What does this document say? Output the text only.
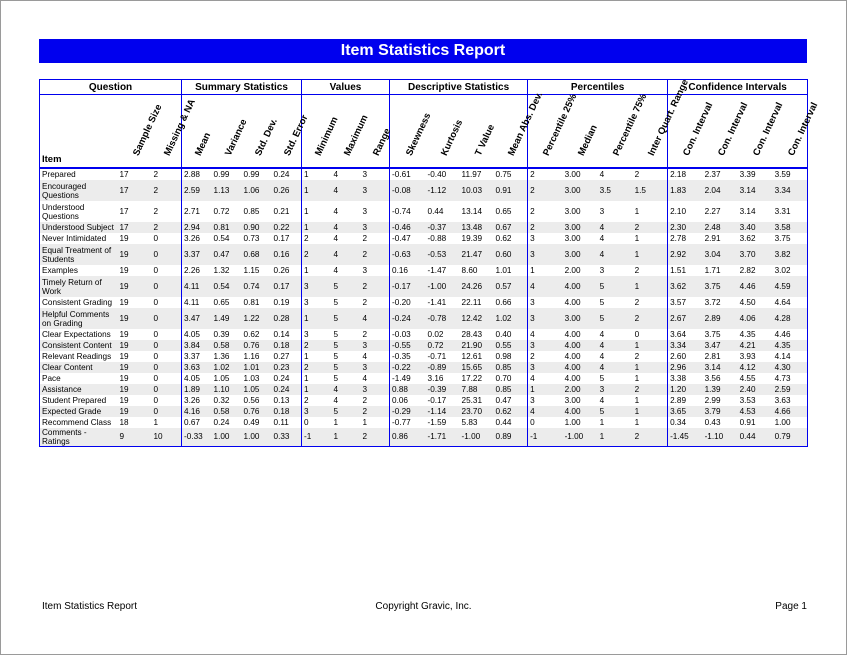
Item Statistics Report
Question			Summary Statistics				Values			Descriptive Statistics				Percentiles				Confidence Intervals			

Item	Sample Size	Missing & NA	Mean	Variance	Std. Dev.	Std. Error	Minimum	Maximum	Range	Skewness	Kurtosis	T Value	Mean Abs. Dev.	Percentile 25%	Median	Percentile 75%	Inter Quart. Range	Con. Interval	Con. Interval	Con. Interval	Con. Interval

Prepared	17	2	2.88	0.99	0.99	0.24	1	4	3	-0.61	-0.40	11.97	0.75	2	3.00	4	2	2.18	2.37	3.39	3.59
Encouraged Questions	17	2	2.59	1.13	1.06	0.26	1	4	3	-0.08	-1.12	10.03	0.91	2	3.00	3.5	1.5	1.83	2.04	3.14	3.34
Understood Questions	17	2	2.71	0.72	0.85	0.21	1	4	3	-0.74	0.44	13.14	0.65	2	3.00	3	1	2.10	2.27	3.14	3.31
Understood Subject	17	2	2.94	0.81	0.90	0.22	1	4	3	-0.46	-0.37	13.48	0.67	2	3.00	4	2	2.30	2.48	3.40	3.58
Never Intimidated	19	0	3.26	0.54	0.73	0.17	2	4	2	-0.47	-0.88	19.39	0.62	3	3.00	4	1	2.78	2.91	3.62	3.75
Equal Treatment of Students	19	0	3.37	0.47	0.68	0.16	2	4	2	-0.63	-0.53	21.47	0.60	3	3.00	4	1	2.92	3.04	3.70	3.82
Examples	19	0	2.26	1.32	1.15	0.26	1	4	3	0.16	-1.47	8.60	1.01	1	2.00	3	2	1.51	1.71	2.82	3.02
Timely Return of Work	19	0	4.11	0.54	0.74	0.17	3	5	2	-0.17	-1.00	24.26	0.57	4	4.00	5	1	3.62	3.75	4.46	4.59
Consistent Grading	19	0	4.11	0.65	0.81	0.19	3	5	2	-0.20	-1.41	22.11	0.66	3	4.00	5	2	3.57	3.72	4.50	4.64
Helpful Comments on Grading	19	0	3.47	1.49	1.22	0.28	1	5	4	-0.24	-0.78	12.42	1.02	3	3.00	5	2	2.67	2.89	4.06	4.28
Clear Expectations	19	0	4.05	0.39	0.62	0.14	3	5	2	-0.03	0.02	28.43	0.40	4	4.00	4	0	3.64	3.75	4.35	4.46
Consistent Content	19	0	3.84	0.58	0.76	0.18	2	5	3	-0.55	0.72	21.90	0.55	3	4.00	4	1	3.34	3.47	4.21	4.35
Relevant Readings	19	0	3.37	1.36	1.16	0.27	1	5	4	-0.35	-0.71	12.61	0.98	2	4.00	4	2	2.60	2.81	3.93	4.14
Clear Content	19	0	3.63	1.02	1.01	0.23	2	5	3	-0.22	-0.89	15.65	0.85	3	4.00	4	1	2.96	3.14	4.12	4.30
Pace	19	0	4.05	1.05	1.03	0.24	1	5	4	-1.49	3.16	17.22	0.70	4	4.00	5	1	3.38	3.56	4.55	4.73
Assistance	19	0	1.89	1.10	1.05	0.24	1	4	3	0.88	-0.39	7.88	0.85	1	2.00	3	2	1.20	1.39	2.40	2.59
Student Prepared	19	0	3.26	0.32	0.56	0.13	2	4	2	0.06	-0.17	25.31	0.47	3	3.00	4	1	2.89	2.99	3.53	3.63
Expected Grade	19	0	4.16	0.58	0.76	0.18	3	5	2	-0.29	-1.14	23.70	0.62	4	4.00	5	1	3.65	3.79	4.53	4.66
Recommend Class	18	1	0.67	0.24	0.49	0.11	0	1	1	-0.77	-1.59	5.83	0.44	0	1.00	1	1	0.34	0.43	0.91	1.00
Comments - Ratings	9	10	-0.33	1.00	1.00	0.33	-1	1	2	0.86	-1.71	-1.00	0.89	-1	-1.00	1	2	-1.45	-1.10	0.44	0.79
Item Statistics Report	Copyright Gravic, Inc.	Page 1
